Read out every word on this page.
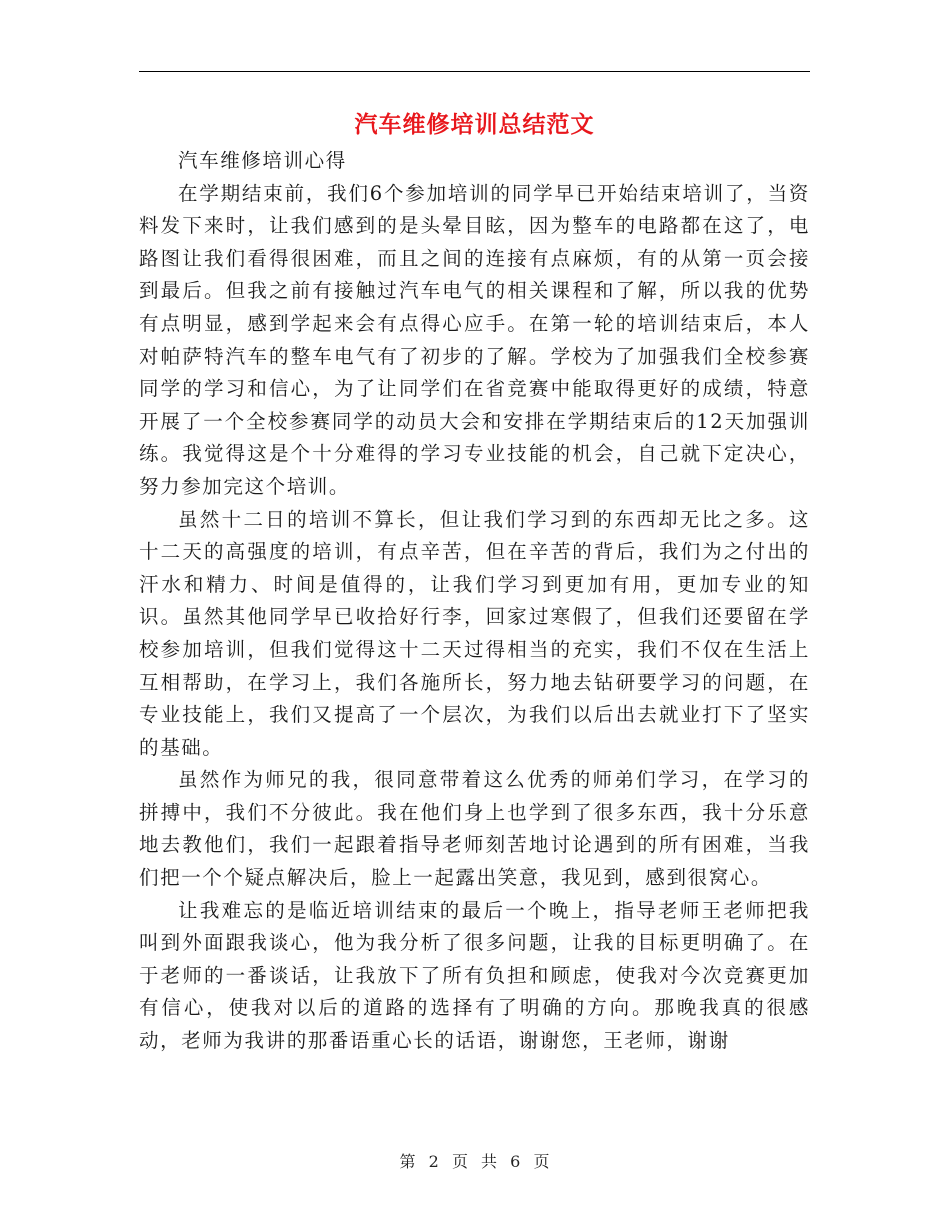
汽车维修培训总结范文

汽车维修培训心得

在学期结束前，我们6个参加培训的同学早已开始结束培训了，当资料发下来时，让我们感到的是头晕目眩，因为整车的电路都在这了，电路图让我们看得很困难，而且之间的连接有点麻烦，有的从第一页会接到最后。但我之前有接触过汽车电气的相关课程和了解，所以我的优势有点明显，感到学起来会有点得心应手。在第一轮的培训结束后，本人对帕萨特汽车的整车电气有了初步的了解。学校为了加强我们全校参赛同学的学习和信心，为了让同学们在省竞赛中能取得更好的成绩，特意开展了一个全校参赛同学的动员大会和安排在学期结束后的12天加强训练。我觉得这是个十分难得的学习专业技能的机会，自己就下定决心，努力参加完这个培训。

虽然十二日的培训不算长，但让我们学习到的东西却无比之多。这十二天的高强度的培训，有点辛苦，但在辛苦的背后，我们为之付出的汗水和精力、时间是值得的，让我们学习到更加有用，更加专业的知识。虽然其他同学早已收拾好行李，回家过寒假了，但我们还要留在学校参加培训，但我们觉得这十二天过得相当的充实，我们不仅在生活上互相帮助，在学习上，我们各施所长，努力地去钻研要学习的问题，在专业技能上，我们又提高了一个层次，为我们以后出去就业打下了坚实的基础。

虽然作为师兄的我，很同意带着这么优秀的师弟们学习，在学习的拼搏中，我们不分彼此。我在他们身上也学到了很多东西，我十分乐意地去教他们，我们一起跟着指导老师刻苦地讨论遇到的所有困难，当我们把一个个疑点解决后，脸上一起露出笑意，我见到，感到很窝心。

让我难忘的是临近培训结束的最后一个晚上，指导老师王老师把我叫到外面跟我谈心，他为我分析了很多问题，让我的目标更明确了。在于老师的一番谈话，让我放下了所有负担和顾虑，使我对今次竞赛更加有信心，使我对以后的道路的选择有了明确的方向。那晚我真的很感动，老师为我讲的那番语重心长的话语，谢谢您，王老师，谢谢

第 2 页 共 6 页
